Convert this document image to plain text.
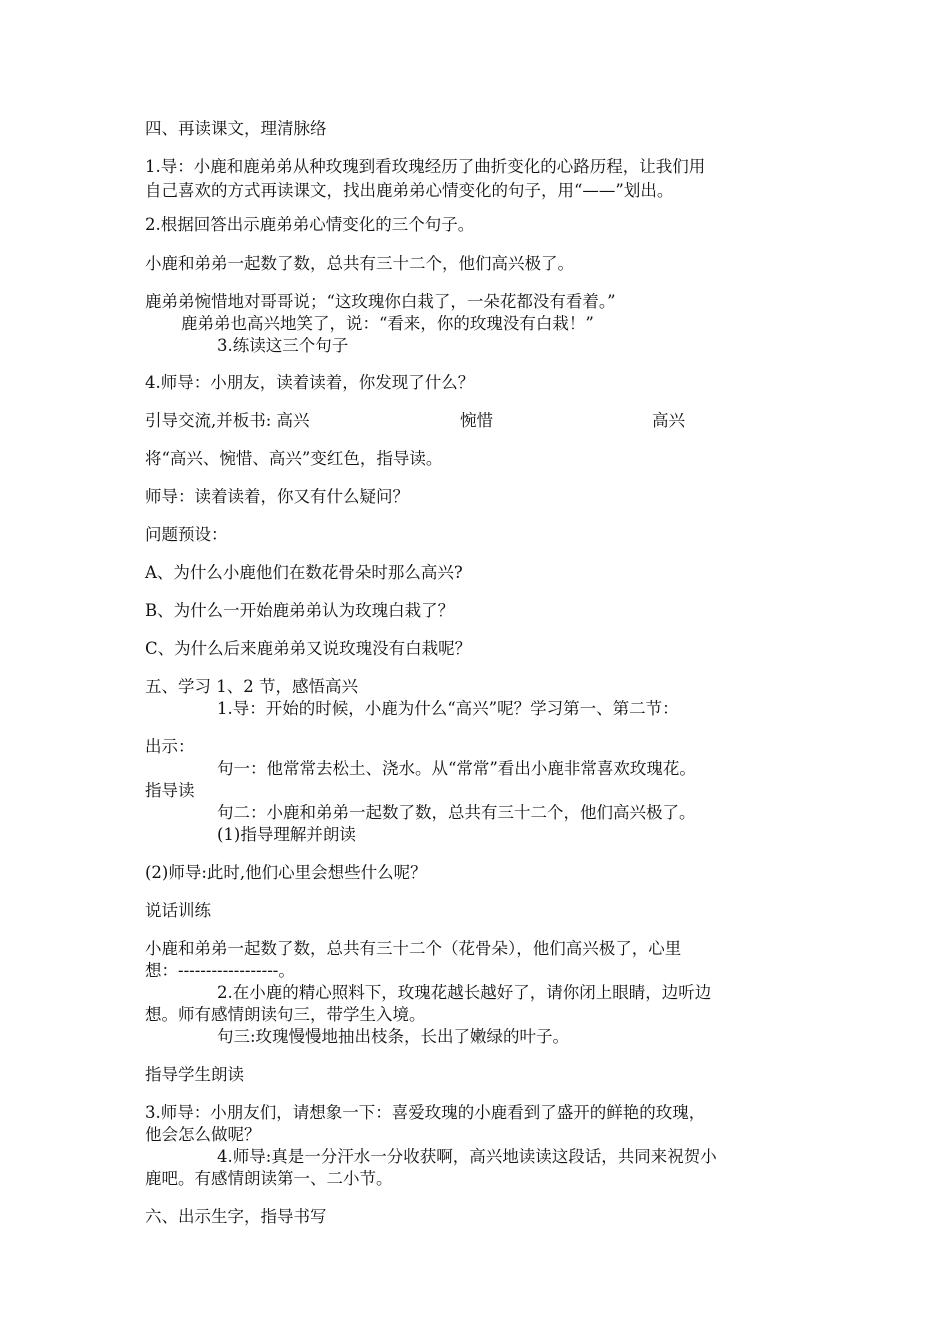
四、再读课文，理清脉络
1.导：小鹿和鹿弟弟从种玫瑰到看玫瑰经历了曲折变化的心路历程，让我们用
自己喜欢的方式再读课文，找出鹿弟弟心情变化的句子，用“——”划出。
2.根据回答出示鹿弟弟心情变化的三个句子。
小鹿和弟弟一起数了数，总共有三十二个，他们高兴极了。
鹿弟弟惋惜地对哥哥说；“这玫瑰你白栽了，一朵花都没有看着。”
鹿弟弟也高兴地笑了，说：“看来，你的玫瑰没有白栽！”
3.练读这三个句子
4.师导：小朋友，读着读着，你发现了什么？
引导交流,并板书: 高兴	惋惜	高兴
将“高兴、惋惜、高兴”变红色，指导读。
师导：读着读着，你又有什么疑问？
问题预设：
A、为什么小鹿他们在数花骨朵时那么高兴?
B、为什么一开始鹿弟弟认为玫瑰白栽了？
C、为什么后来鹿弟弟又说玫瑰没有白栽呢？
五、学习 1、2 节，感悟高兴
1.导：开始的时候，小鹿为什么“高兴”呢？学习第一、第二节：
出示：
句一：他常常去松土、浇水。从“常常”看出小鹿非常喜欢玫瑰花。
指导读
句二：小鹿和弟弟一起数了数，总共有三十二个，他们高兴极了。
(1)指导理解并朗读
(2)师导:此时,他们心里会想些什么呢？
说话训练
小鹿和弟弟一起数了数，总共有三十二个（花骨朵），他们高兴极了，心里
想：------------------。
2.在小鹿的精心照料下，玫瑰花越长越好了，请你闭上眼睛，边听边
想。师有感情朗读句三，带学生入境。
句三:玫瑰慢慢地抽出枝条，长出了嫩绿的叶子。
指导学生朗读
3.师导：小朋友们，请想象一下：喜爱玫瑰的小鹿看到了盛开的鲜艳的玫瑰，
他会怎么做呢？
4.师导:真是一分汗水一分收获啊，高兴地读读这段话，共同来祝贺小
鹿吧。有感情朗读第一、二小节。
六、出示生字，指导书写
